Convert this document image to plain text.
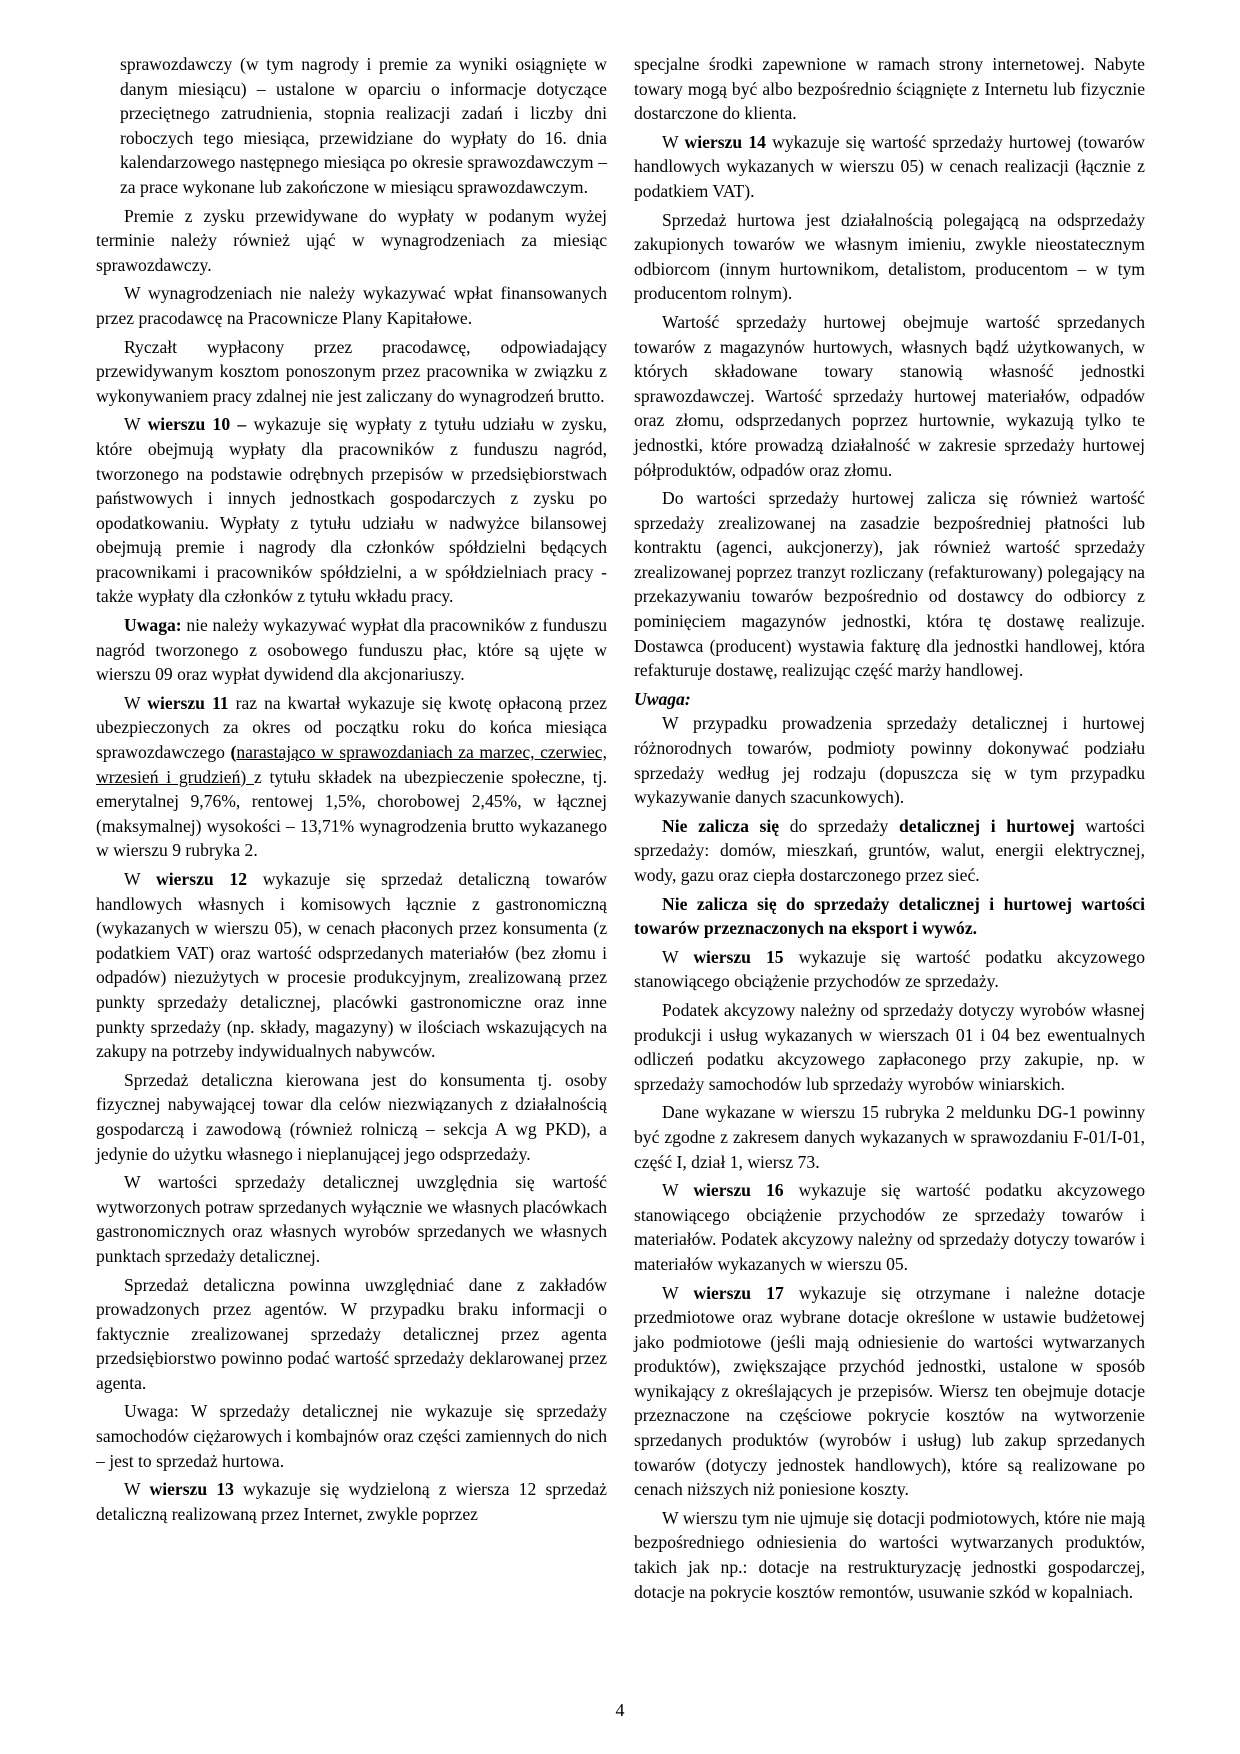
sprawozdawczy (w tym nagrody i premie za wyniki osiągnięte w danym miesiącu) – ustalone w oparciu o informacje dotyczące przeciętnego zatrudnienia, stopnia realizacji zadań i liczby dni roboczych tego miesiąca, przewidziane do wypłaty do 16. dnia kalendarzowego następnego miesiąca po okresie sprawozdawczym – za prace wykonane lub zakończone w miesiącu sprawozdawczym.

Premie z zysku przewidywane do wypłaty w podanym wyżej terminie należy również ująć w wynagrodzeniach za miesiąc sprawozdawczy.

W wynagrodzeniach nie należy wykazywać wpłat finansowanych przez pracodawcę na Pracownicze Plany Kapitałowe.

Ryczałt wypłacony przez pracodawcę, odpowiadający przewidywanym kosztom ponoszonym przez pracownika w związku z wykonywaniem pracy zdalnej nie jest zaliczany do wynagrodzeń brutto.

W wierszu 10 – wykazuje się wypłaty z tytułu udziału w zysku, które obejmują wypłaty dla pracowników z funduszu nagród, tworzonego na podstawie odrębnych przepisów w przedsiębiorstwach państwowych i innych jednostkach gospodarczych z zysku po opodatkowaniu. Wypłaty z tytułu udziału w nadwyżce bilansowej obejmują premie i nagrody dla członków spółdzielni będących pracownikami i pracowników spółdzielni, a w spółdzielniach pracy - także wypłaty dla członków z tytułu wkładu pracy.

Uwaga: nie należy wykazywać wypłat dla pracowników z funduszu nagród tworzonego z osobowego funduszu płac, które są ujęte w wierszu 09 oraz wypłat dywidend dla akcjonariuszy.

W wierszu 11 raz na kwartał wykazuje się kwotę opłaconą przez ubezpieczonych za okres od początku roku do końca miesiąca sprawozdawczego (narastająco w sprawozdaniach za marzec, czerwiec, wrzesień i grudzień) z tytułu składek na ubezpieczenie społeczne, tj. emerytalnej 9,76%, rentowej 1,5%, chorobowej 2,45%, w łącznej (maksymalnej) wysokości – 13,71% wynagrodzenia brutto wykazanego w wierszu 9 rubryka 2.

W wierszu 12 wykazuje się sprzedaż detaliczną towarów handlowych własnych i komisowych łącznie z gastronomiczną (wykazanych w wierszu 05), w cenach płaconych przez konsumenta (z podatkiem VAT) oraz wartość odsprzedanych materiałów (bez złomu i odpadów) niezużytych w procesie produkcyjnym, zrealizowaną przez punkty sprzedaży detalicznej, placówki gastronomiczne oraz inne punkty sprzedaży (np. składy, magazyny) w ilościach wskazujących na zakupy na potrzeby indywidualnych nabywców.

Sprzedaż detaliczna kierowana jest do konsumenta tj. osoby fizycznej nabywającej towar dla celów niezwiązanych z działalnością gospodarczą i zawodową (również rolniczą – sekcja A wg PKD), a jedynie do użytku własnego i nieplanującej jego odsprzedaży.

W wartości sprzedaży detalicznej uwzględnia się wartość wytworzonych potraw sprzedanych wyłącznie we własnych placówkach gastronomicznych oraz własnych wyrobów sprzedanych we własnych punktach sprzedaży detalicznej.

Sprzedaż detaliczna powinna uwzględniać dane z zakładów prowadzonych przez agentów. W przypadku braku informacji o faktycznie zrealizowanej sprzedaży detalicznej przez agenta przedsiębiorstwo powinno podać wartość sprzedaży deklarowanej przez agenta.

Uwaga: W sprzedaży detalicznej nie wykazuje się sprzedaży samochodów ciężarowych i kombajnów oraz części zamiennych do nich – jest to sprzedaż hurtowa.

W wierszu 13 wykazuje się wydzieloną z wiersza 12 sprzedaż detaliczną realizowaną przez Internet, zwykle poprzez

specjalne środki zapewnione w ramach strony internetowej. Nabyte towary mogą być albo bezpośrednio ściągnięte z Internetu lub fizycznie dostarczone do klienta.

W wierszu 14 wykazuje się wartość sprzedaży hurtowej (towarów handlowych wykazanych w wierszu 05) w cenach realizacji (łącznie z podatkiem VAT).

Sprzedaż hurtowa jest działalnością polegającą na odsprzedaży zakupionych towarów we własnym imieniu, zwykle nieostatecznym odbiorcom (innym hurtownikom, detalistom, producentom – w tym producentom rolnym).

Wartość sprzedaży hurtowej obejmuje wartość sprzedanych towarów z magazynów hurtowych, własnych bądź użytkowanych, w których składowane towary stanowią własność jednostki sprawozdawczej. Wartość sprzedaży hurtowej materiałów, odpadów oraz złomu, odsprzedanych poprzez hurtownie, wykazują tylko te jednostki, które prowadzą działalność w zakresie sprzedaży hurtowej półproduktów, odpadów oraz złomu.

Do wartości sprzedaży hurtowej zalicza się również wartość sprzedaży zrealizowanej na zasadzie bezpośredniej płatności lub kontraktu (agenci, aukcjonerzy), jak również wartość sprzedaży zrealizowanej poprzez tranzyt rozliczany (refakturowany) polegający na przekazywaniu towarów bezpośrednio od dostawcy do odbiorcy z pominięciem magazynów jednostki, która tę dostawę realizuje. Dostawca (producent) wystawia fakturę dla jednostki handlowej, która refakturuje dostawę, realizując część marży handlowej.

Uwaga:

W przypadku prowadzenia sprzedaży detalicznej i hurtowej różnorodnych towarów, podmioty powinny dokonywać podziału sprzedaży według jej rodzaju (dopuszcza się w tym przypadku wykazywanie danych szacunkowych).

Nie zalicza się do sprzedaży detalicznej i hurtowej wartości sprzedaży: domów, mieszkań, gruntów, walut, energii elektrycznej, wody, gazu oraz ciepła dostarczonego przez sieć.

Nie zalicza się do sprzedaży detalicznej i hurtowej wartości towarów przeznaczonych na eksport i wywóz.

W wierszu 15 wykazuje się wartość podatku akcyzowego stanowiącego obciążenie przychodów ze sprzedaży.

Podatek akcyzowy należny od sprzedaży dotyczy wyrobów własnej produkcji i usług wykazanych w wierszach 01 i 04 bez ewentualnych odliczeń podatku akcyzowego zapłaconego przy zakupie, np. w sprzedaży samochodów lub sprzedaży wyrobów winiarskich.

Dane wykazane w wierszu 15 rubryka 2 meldunku DG-1 powinny być zgodne z zakresem danych wykazanych w sprawozdaniu F-01/I-01, część I, dział 1, wiersz 73.

W wierszu 16 wykazuje się wartość podatku akcyzowego stanowiącego obciążenie przychodów ze sprzedaży towarów i materiałów. Podatek akcyzowy należny od sprzedaży dotyczy towarów i materiałów wykazanych w wierszu 05.

W wierszu 17 wykazuje się otrzymane i należne dotacje przedmiotowe oraz wybrane dotacje określone w ustawie budżetowej jako podmiotowe (jeśli mają odniesienie do wartości wytwarzanych produktów), zwiększające przychód jednostki, ustalone w sposób wynikający z określających je przepisów. Wiersz ten obejmuje dotacje przeznaczone na częściowe pokrycie kosztów na wytworzenie sprzedanych produktów (wyrobów i usług) lub zakup sprzedanych towarów (dotyczy jednostek handlowych), które są realizowane po cenach niższych niż poniesione koszty.

W wierszu tym nie ujmuje się dotacji podmiotowych, które nie mają bezpośredniego odniesienia do wartości wytwarzanych produktów, takich jak np.: dotacje na restrukturyzację jednostki gospodarczej, dotacje na pokrycie kosztów remontów, usuwanie szkód w kopalniach.

4
